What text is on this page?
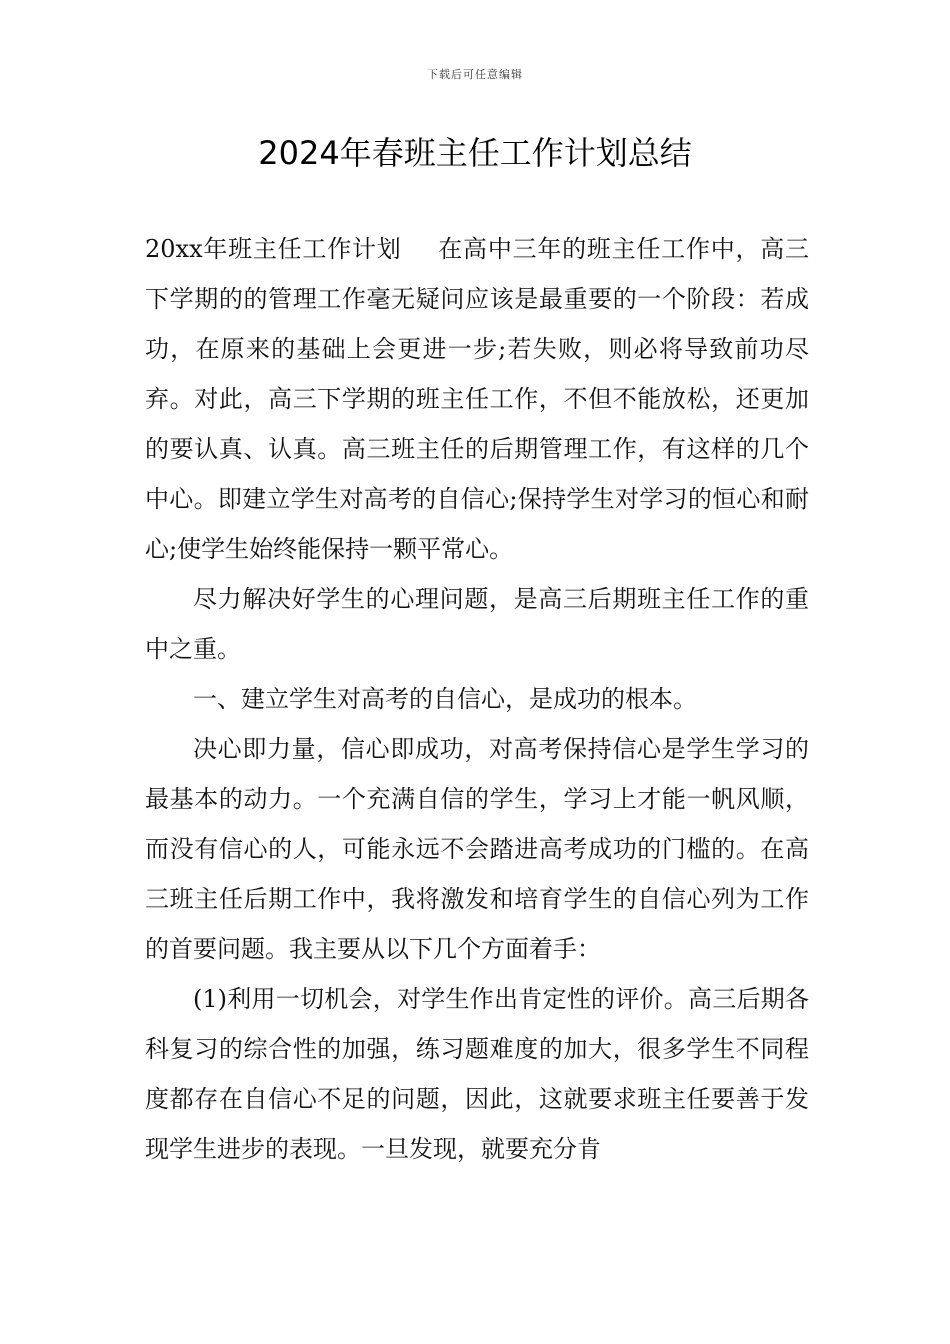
下载后可任意编辑
2024年春班主任工作计划总结

20xx年班主任工作计划 在高中三年的班主任工作中，高三下学期的的管理工作毫无疑问应该是最重要的一个阶段：若成功，在原来的基础上会更进一步;若失败，则必将导致前功尽弃。对此，高三下学期的班主任工作，不但不能放松，还更加的要认真、认真。高三班主任的后期管理工作，有这样的几个中心。即建立学生对高考的自信心;保持学生对学习的恒心和耐心;使学生始终能保持一颗平常心。

尽力解决好学生的心理问题，是高三后期班主任工作的重中之重。

一、建立学生对高考的自信心，是成功的根本。

决心即力量，信心即成功，对高考保持信心是学生学习的最基本的动力。一个充满自信的学生，学习上才能一帆风顺，而没有信心的人，可能永远不会踏进高考成功的门槛的。在高三班主任后期工作中，我将激发和培育学生的自信心列为工作的首要问题。我主要从以下几个方面着手：

(1)利用一切机会，对学生作出肯定性的评价。高三后期各科复习的综合性的加强，练习题难度的加大，很多学生不同程度都存在自信心不足的问题，因此，这就要求班主任要善于发现学生进步的表现。一旦发现，就要充分肯
